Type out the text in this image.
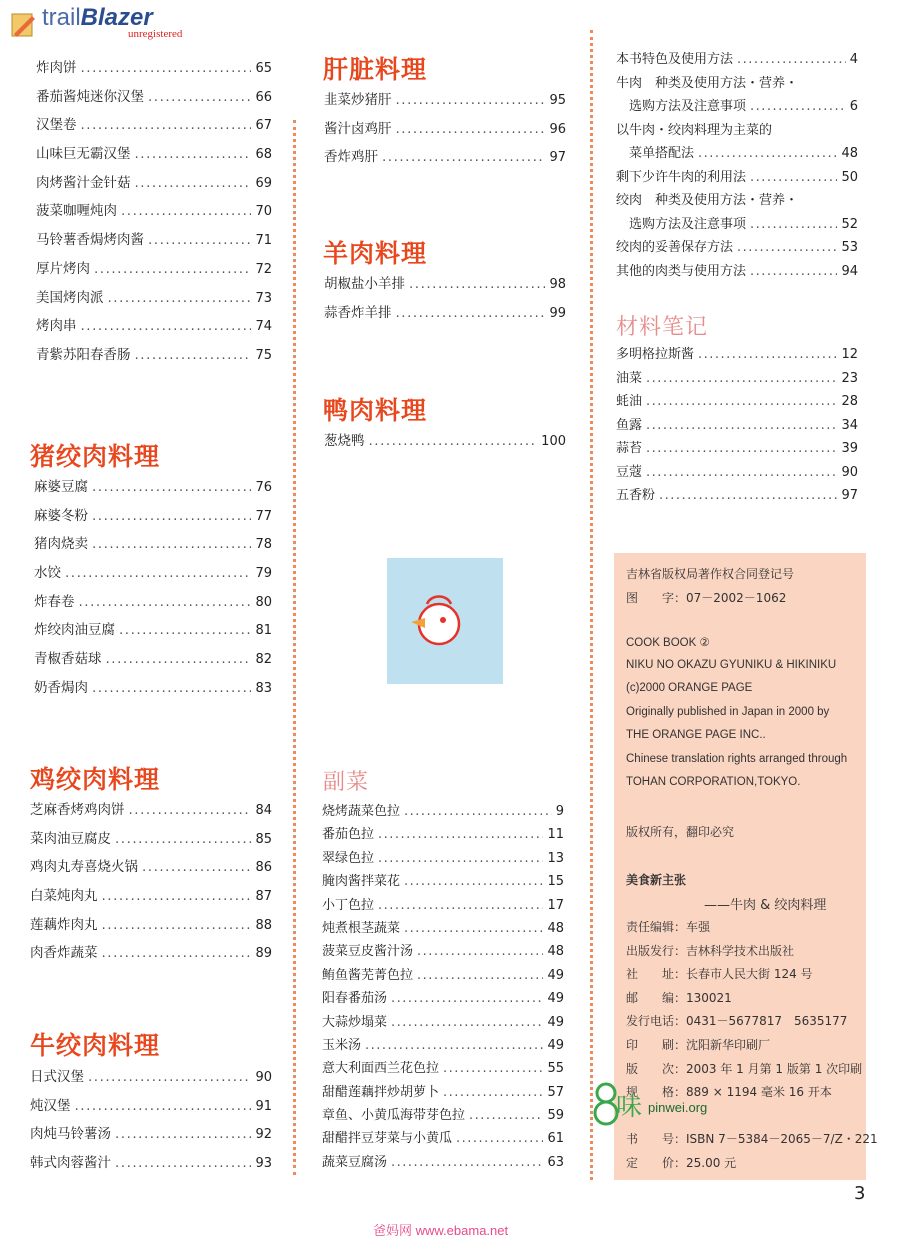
trailBlazer
unregistered
炸肉饼 .....	65
番茄酱炖迷你汉堡 .....	66
汉堡卷 .....	67
山味巨无霸汉堡 .....	68
肉烤酱汁金针菇 .....	69
菠菜咖喱炖肉 .....	70
马铃薯香焗烤肉酱 .....	71
厚片烤肉 .....	72
美国烤肉派 .....	73
烤肉串 .....	74
青紫苏阳春香肠 .....	75
猪绞肉料理
麻婆豆腐 .....	76
麻婆冬粉 .....	77
猪肉烧卖 .....	78
水饺 .....	79
炸春卷 .....	80
炸绞肉油豆腐 .....	81
青椒香菇球 .....	82
奶香焗肉 .....	83
鸡绞肉料理
芝麻香烤鸡肉饼 .....	84
菜肉油豆腐皮 .....	85
鸡肉丸寿喜烧火锅 .....	86
白菜炖肉丸 .....	87
莲藕炸肉丸 .....	88
肉香炸蔬菜 .....	89
牛绞肉料理
日式汉堡 .....	90
炖汉堡 .....	91
肉炖马铃薯汤 .....	92
韩式肉蓉酱汁 .....	93
肝脏料理
韭菜炒猪肝 .....	95
酱汁卤鸡肝 .....	96
香炸鸡肝 .....	97
羊肉料理
胡椒盐小羊排 .....	98
蒜香炸羊排 .....	99
鸭肉料理
葱烧鸭 .....	100
副菜
烧烤蔬菜色拉 .....	9
番茄色拉 .....	11
翠绿色拉 .....	13
腌肉酱拌菜花 .....	15
小丁色拉 .....	17
炖煮根茎蔬菜 .....	48
菠菜豆皮酱汁汤 .....	48
鲔鱼酱芜菁色拉 .....	49
阳春番茄汤 .....	49
大蒜炒塌菜 .....	49
玉米汤 .....	49
意大利面西兰花色拉 .....	55
甜醋莲藕拌炒胡萝卜 .....	57
章鱼、小黄瓜海带芽色拉 .....	59
甜醋拌豆芽菜与小黄瓜 .....	61
蔬菜豆腐汤 .....	63
本书特色及使用方法 .....	4
牛肉　种类及使用方法・营养・
选购方法及注意事项 .....	6
以牛肉・绞肉料理为主菜的
菜单搭配法 .....	48
剩下少许牛肉的利用法 .....	50
绞肉　种类及使用方法・营养・
选购方法及注意事项 .....	52
绞肉的妥善保存方法 .....	53
其他的肉类与使用方法 .....	94
材料笔记
多明格拉斯酱 .....	12
油菜 .....	23
蚝油 .....	28
鱼露 .....	34
蒜苔 .....	39
豆蔻 .....	90
五香粉 .....	97
吉林省版权局著作权合同登记号
图　　字：07－2002－1062
COOK BOOK ②
NIKU NO OKAZU GYUNIKU & HIKINIKU
(c)2000 ORANGE PAGE
Originally published in Japan in 2000 by
THE ORANGE PAGE INC..
Chinese translation rights arranged through
TOHAN CORPORATION,TOKYO.
版权所有，翻印必究
美食新主张
——牛肉 & 绞肉料理
责任编辑：车强
出版发行：吉林科学技术出版社
社　　址：长春市人民大街 124 号
邮　　编：130021
发行电话：0431－5677817　5635177
印　　刷：沈阳新华印刷厂
版　　次：2003 年 1 月第 1 版第 1 次印刷
规　　格：889 × 1194 毫米 16 开本
书　　号：ISBN 7－5384－2065－7/Z・221
定　　价：25.00 元
味 pinwei.org
3
爸妈网 www.ebama.net
